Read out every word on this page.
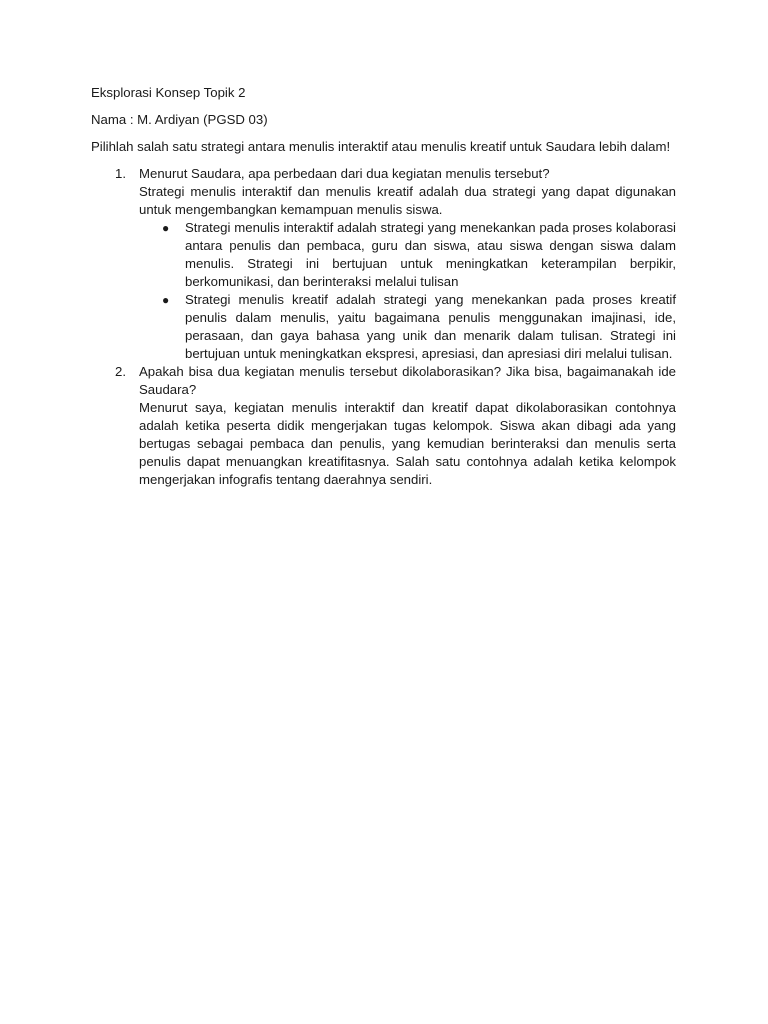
Eksplorasi Konsep Topik 2

Nama : M. Ardiyan (PGSD 03)

Pilihlah salah satu strategi antara menulis interaktif atau menulis kreatif untuk Saudara lebih dalam!

1. Menurut Saudara, apa perbedaan dari dua kegiatan menulis tersebut?

Strategi menulis interaktif dan menulis kreatif adalah dua strategi yang dapat digunakan untuk mengembangkan kemampuan menulis siswa.

● Strategi menulis interaktif adalah strategi yang menekankan pada proses kolaborasi antara penulis dan pembaca, guru dan siswa, atau siswa dengan siswa dalam menulis. Strategi ini bertujuan untuk meningkatkan keterampilan berpikir, berkomunikasi, dan berinteraksi melalui tulisan
● Strategi menulis kreatif adalah strategi yang menekankan pada proses kreatif penulis dalam menulis, yaitu bagaimana penulis menggunakan imajinasi, ide, perasaan, dan gaya bahasa yang unik dan menarik dalam tulisan. Strategi ini bertujuan untuk meningkatkan ekspresi, apresiasi, dan apresiasi diri melalui tulisan.
2. Apakah bisa dua kegiatan menulis tersebut dikolaborasikan? Jika bisa, bagaimanakah ide Saudara?

Menurut saya, kegiatan menulis interaktif dan kreatif dapat dikolaborasikan contohnya adalah ketika peserta didik mengerjakan tugas kelompok. Siswa akan dibagi ada yang bertugas sebagai pembaca dan penulis, yang kemudian berinteraksi dan menulis serta penulis dapat menuangkan kreatifitasnya. Salah satu contohnya adalah ketika kelompok mengerjakan infografis tentang daerahnya sendiri.
